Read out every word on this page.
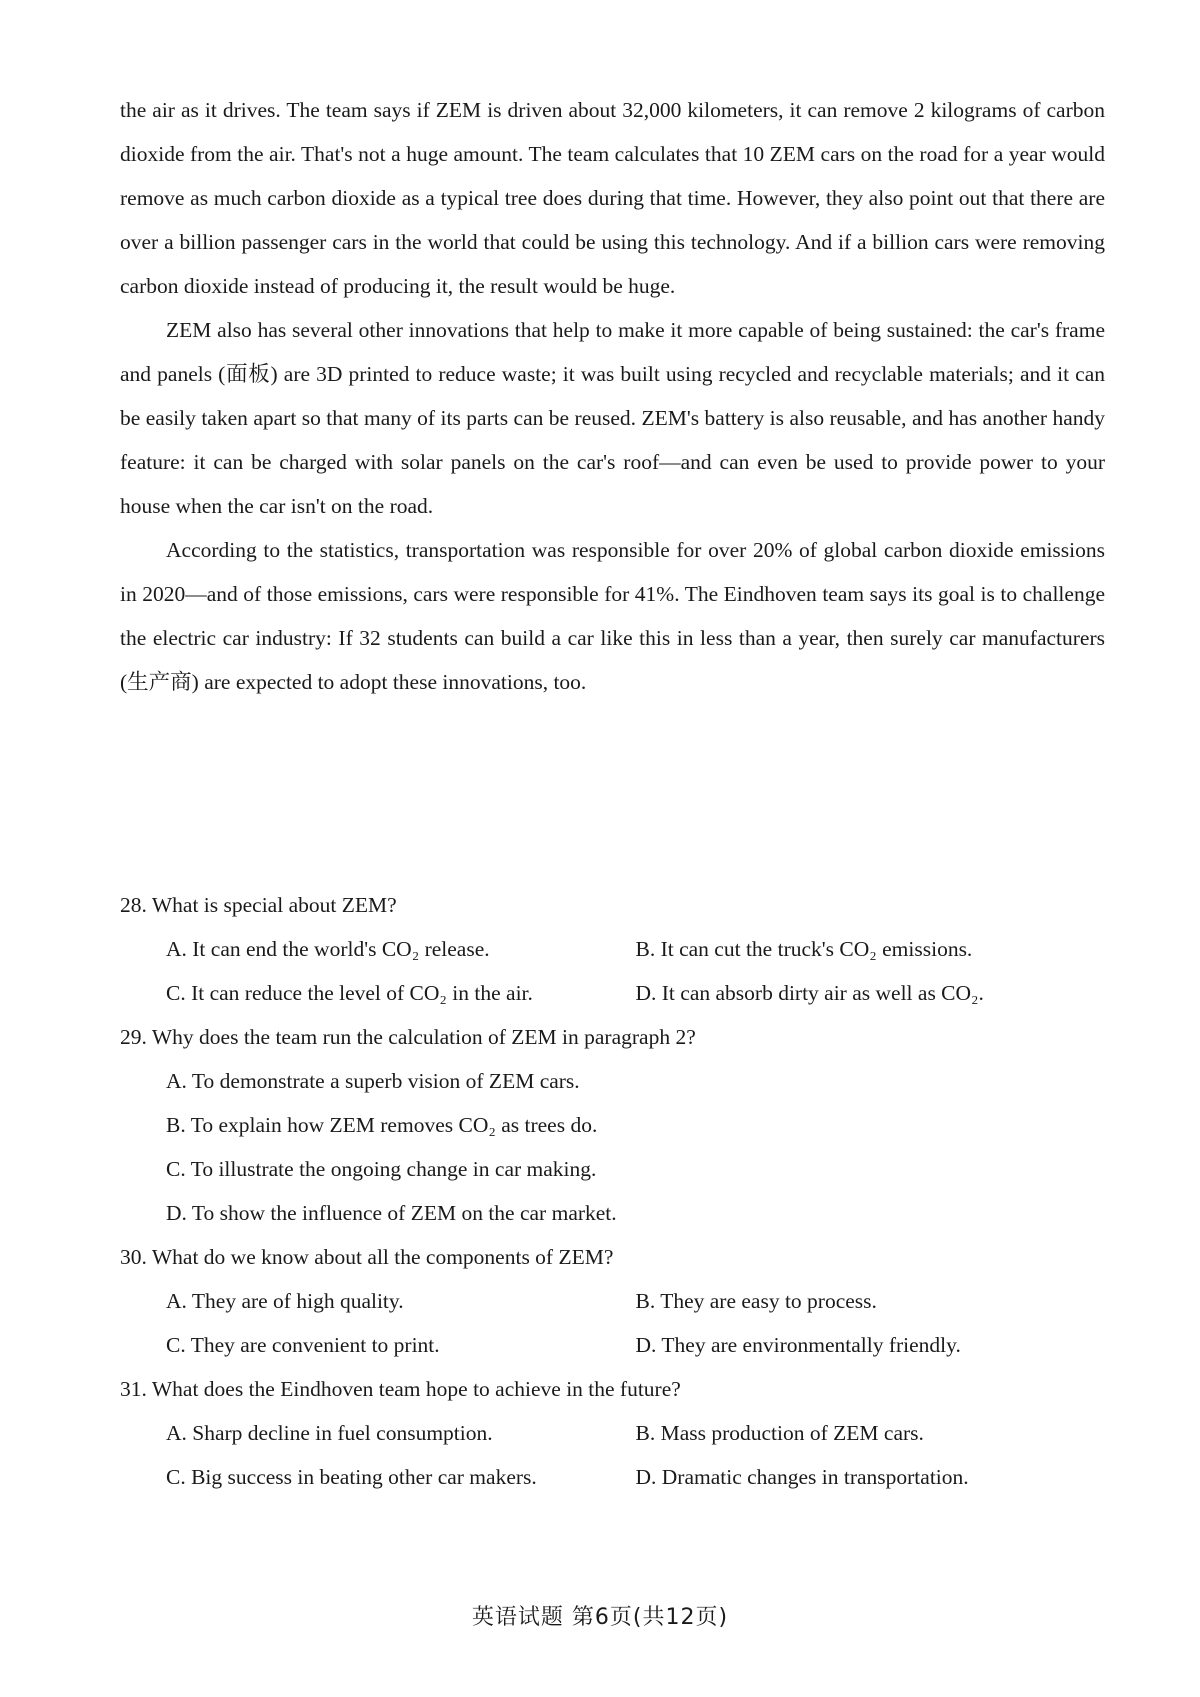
the air as it drives. The team says if ZEM is driven about 32,000 kilometers, it can remove 2 kilograms of carbon dioxide from the air. That's not a huge amount. The team calculates that 10 ZEM cars on the road for a year would remove as much carbon dioxide as a typical tree does during that time. However, they also point out that there are over a billion passenger cars in the world that could be using this technology. And if a billion cars were removing carbon dioxide instead of producing it, the result would be huge.

ZEM also has several other innovations that help to make it more capable of being sustained: the car's frame and panels (面板) are 3D printed to reduce waste; it was built using recycled and recyclable materials; and it can be easily taken apart so that many of its parts can be reused. ZEM's battery is also reusable, and has another handy feature: it can be charged with solar panels on the car's roof—and can even be used to provide power to your house when the car isn't on the road.

According to the statistics, transportation was responsible for over 20% of global carbon dioxide emissions in 2020—and of those emissions, cars were responsible for 41%. The Eindhoven team says its goal is to challenge the electric car industry: If 32 students can build a car like this in less than a year, then surely car manufacturers (生产商) are expected to adopt these innovations, too.

28. What is special about ZEM?
A. It can end the world's CO₂ release.	B. It can cut the truck's CO₂ emissions.
C. It can reduce the level of CO₂ in the air.	D. It can absorb dirty air as well as CO₂.
29. Why does the team run the calculation of ZEM in paragraph 2?
A. To demonstrate a superb vision of ZEM cars.
B. To explain how ZEM removes CO₂ as trees do.
C. To illustrate the ongoing change in car making.
D. To show the influence of ZEM on the car market.
30. What do we know about all the components of ZEM?
A. They are of high quality.	B. They are easy to process.
C. They are convenient to print.	D. They are environmentally friendly.
31. What does the Eindhoven team hope to achieve in the future?
A. Sharp decline in fuel consumption.	B. Mass production of ZEM cars.
C. Big success in beating other car makers.	D. Dramatic changes in transportation.
英语试题 第6页(共12页)
